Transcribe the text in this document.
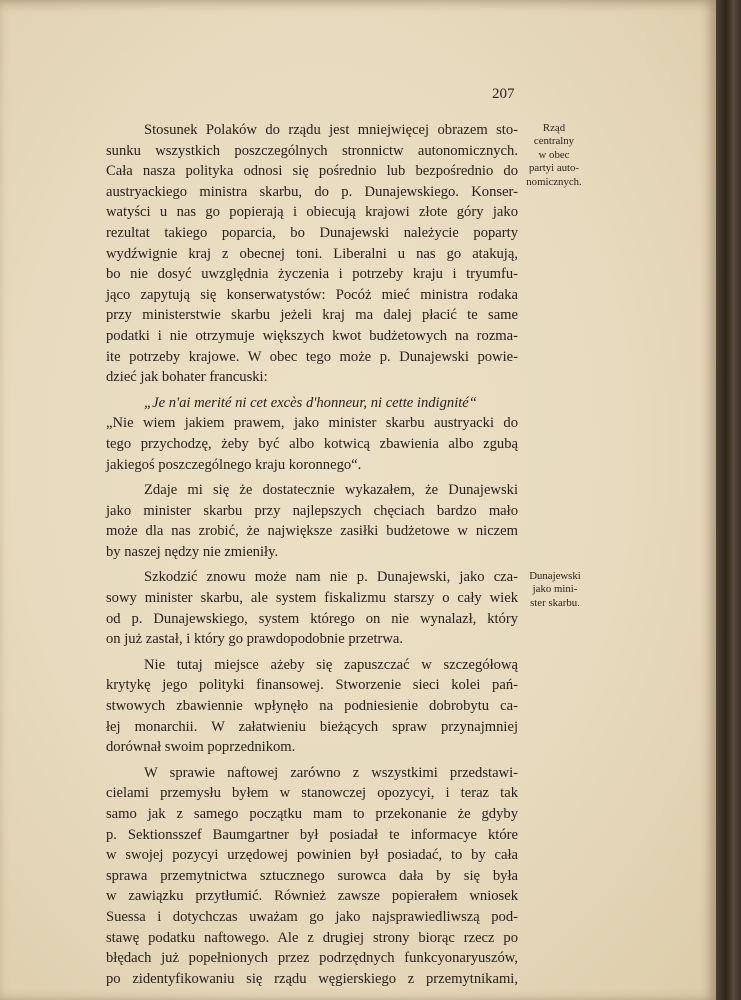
207
Rząd
centralny
w obec
partyi auto-
nomicznych.
Dunajewski
jako mini-
ster skarbu.

Stosunek Polaków do rządu jest mniejwięcej obrazem sto-
sunku wszystkich poszczególnych stronnictw autonomicznych.
Cała nasza polityka odnosi się pośrednio lub bezpośrednio do
austryackiego ministra skarbu, do p. Dunajewskiego. Konser-
watyści u nas go popierają i obiecują krajowi złote góry jako
rezultat takiego poparcia, bo Dunajewski należycie poparty
wydźwignie kraj z obecnej toni. Liberalni u nas go atakują,
bo nie dosyć uwzględnia życzenia i potrzeby kraju i tryumfu-
jąco zapytują się konserwatystów: Pocóż mieć ministra rodaka
przy ministerstwie skarbu jeżeli kraj ma dalej płacić te same
podatki i nie otrzymuje większych kwot budżetowych na rozma-
ite potrzeby krajowe. W obec tego może p. Dunajewski powie-
dzieć jak bohater francuski:

„Je n'ai merité ni cet excès d'honneur, ni cette indignité“
„Nie wiem jakiem prawem, jako minister skarbu austryacki do
tego przychodzę, żeby być albo kotwicą zbawienia albo zgubą
jakiegoś poszczególnego kraju koronnego“.

Zdaje mi się że dostatecznie wykazałem, że Dunajewski
jako minister skarbu przy najlepszych chęciach bardzo mało
może dla nas zrobić, że największe zasiłki budżetowe w niczem
by naszej nędzy nie zmieniły.

Szkodzić znowu może nam nie p. Dunajewski, jako cza-
sowy minister skarbu, ale system fiskalizmu starszy o cały wiek
od p. Dunajewskiego, system którego on nie wynalazł, który
on już zastał, i który go prawdopodobnie przetrwa.

Nie tutaj miejsce ażeby się zapuszczać w szczegółową
krytykę jego polityki finansowej. Stworzenie sieci kolei pań-
stwowych zbawiennie wpłynęło na podniesienie dobrobytu ca-
łej monarchii. W załatwieniu bieżących spraw przynajmniej
dorównał swoim poprzednikom.

W sprawie naftowej zarówno z wszystkimi przedstawi-
cielami przemysłu byłem w stanowczej opozycyi, i teraz tak
samo jak z samego początku mam to przekonanie że gdyby
p. Sektionsszef Baumgartner był posiadał te informacye które
w swojej pozycyi urzędowej powinien był posiadać, to by cała
sprawa przemytnictwa sztucznego surowca dała by się była
w zawiązku przytłumić. Również zawsze popierałem wniosek
Suessa i dotychczas uważam go jako najsprawiedliwszą pod-
stawę podatku naftowego. Ale z drugiej strony biorąc rzecz po
błędach już popełnionych przez podrzędnych funkcyonaryuszów,
po zidentyfikowaniu się rządu węgierskiego z przemytnikami,
